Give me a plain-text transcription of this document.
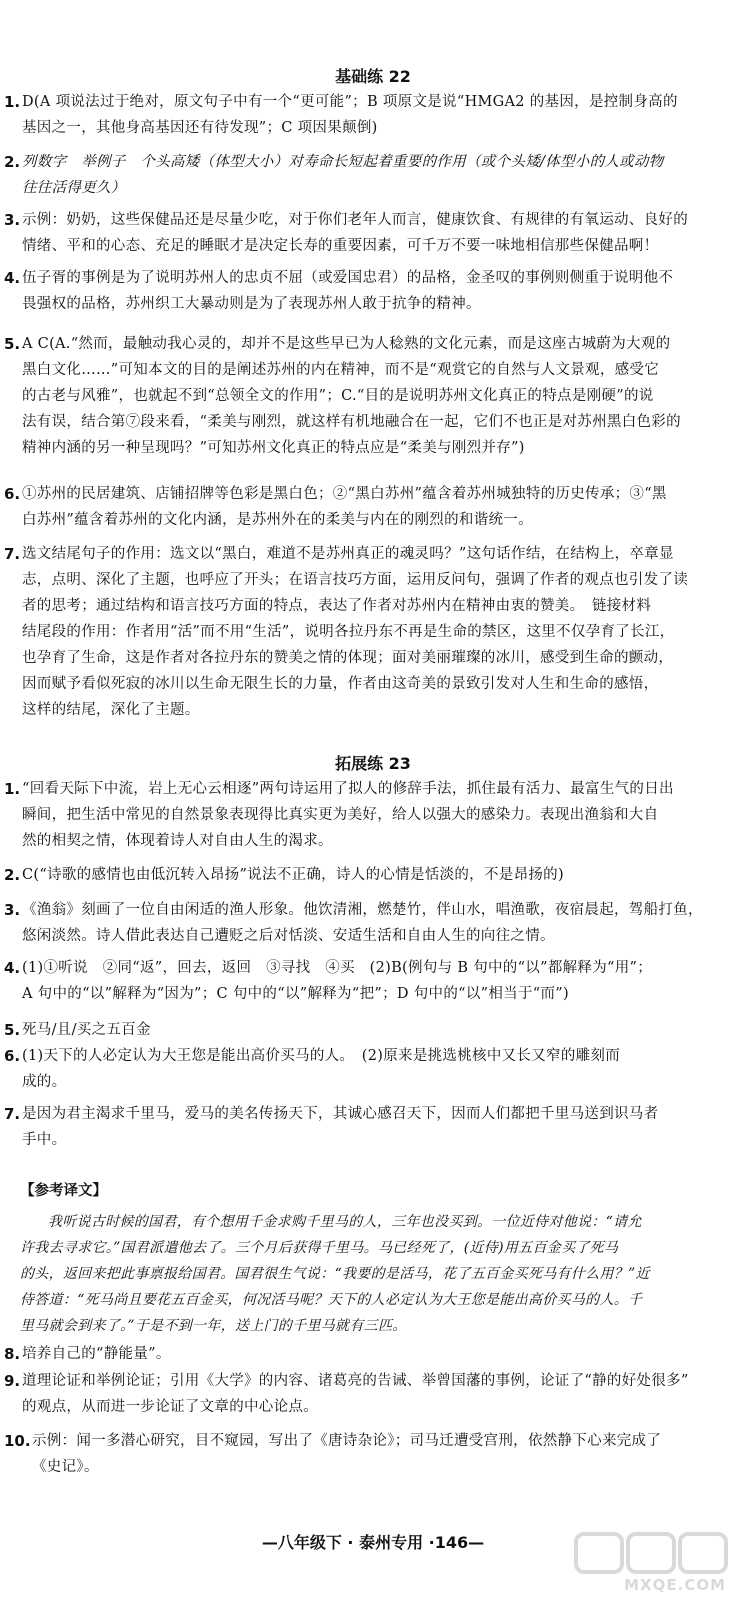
基础练 22
1. D(A 项说法过于绝对，原文句子中有一个“更可能”；B 项原文是说“HMGA2 的基因，是控制身高的
基因之一，其他身高基因还有待发现”；C 项因果颠倒)
2. 列数字　举例子　个头高矮（体型大小）对寿命长短起着重要的作用（或个头矮/体型小的人或动物
往往活得更久）
3. 示例：奶奶，这些保健品还是尽量少吃，对于你们老年人而言，健康饮食、有规律的有氧运动、良好的
情绪、平和的心态、充足的睡眠才是决定长寿的重要因素，可千万不要一味地相信那些保健品啊！
4. 伍子胥的事例是为了说明苏州人的忠贞不屈（或爱国忠君）的品格，金圣叹的事例则侧重于说明他不
畏强权的品格，苏州织工大暴动则是为了表现苏州人敢于抗争的精神。
5. A C(A.“然而，最触动我心灵的，却并不是这些早已为人稔熟的文化元素，而是这座古城蔚为大观的
黑白文化……”可知本文的目的是阐述苏州的内在精神，而不是“观赏它的自然与人文景观，感受它
的古老与风雅”，也就起不到“总领全文的作用”；C.“目的是说明苏州文化真正的特点是刚硬”的说
法有误，结合第⑦段来看，“柔美与刚烈，就这样有机地融合在一起，它们不也正是对苏州黑白色彩的
精神内涵的另一种呈现吗？”可知苏州文化真正的特点应是“柔美与刚烈并存”)
6. ①苏州的民居建筑、店铺招牌等色彩是黑白色；②“黑白苏州”蕴含着苏州城独特的历史传承；③“黑
白苏州”蕴含着苏州的文化内涵，是苏州外在的柔美与内在的刚烈的和谐统一。
7. 选文结尾句子的作用：选文以“黑白，难道不是苏州真正的魂灵吗？”这句话作结，在结构上，卒章显
志，点明、深化了主题，也呼应了开头；在语言技巧方面，运用反问句，强调了作者的观点也引发了读
者的思考；通过结构和语言技巧方面的特点，表达了作者对苏州内在精神由衷的赞美。　链接材料
结尾段的作用：作者用“活”而不用“生活”，说明各拉丹东不再是生命的禁区，这里不仅孕育了长江，
也孕育了生命，这是作者对各拉丹东的赞美之情的体现；面对美丽璀璨的冰川，感受到生命的颤动，
因而赋予看似死寂的冰川以生命无限生长的力量，作者由这奇美的景致引发对人生和生命的感悟，
这样的结尾，深化了主题。
拓展练 23
1. “回看天际下中流，岩上无心云相逐”两句诗运用了拟人的修辞手法，抓住最有活力、最富生气的日出
瞬间，把生活中常见的自然景象表现得比真实更为美好，给人以强大的感染力。表现出渔翁和大自
然的相契之情，体现着诗人对自由人生的渴求。
2. C(“诗歌的感情也由低沉转入昂扬”说法不正确，诗人的心情是恬淡的，不是昂扬的)
3. 《渔翁》刻画了一位自由闲适的渔人形象。他饮清湘，燃楚竹，伴山水，唱渔歌，夜宿晨起，驾船打鱼，
悠闲淡然。诗人借此表达自己遭贬之后对恬淡、安适生活和自由人生的向往之情。
4. (1)①听说　②同“返”，回去，返回　③寻找　④买　(2)B(例句与 B 句中的“以”都解释为“用”；
A 句中的“以”解释为“因为”；C 句中的“以”解释为“把”；D 句中的“以”相当于“而”)
5. 死马/且/买之五百金
6. (1)天下的人必定认为大王您是能出高价买马的人。　(2)原来是挑选桃核中又长又窄的雕刻而
成的。
7. 是因为君主渴求千里马，爱马的美名传扬天下，其诚心感召天下，因而人们都把千里马送到识马者
手中。
【参考译文】
我听说古时候的国君，有个想用千金求购千里马的人，三年也没买到。一位近侍对他说：“请允
许我去寻求它。”国君派遣他去了。三个月后获得千里马。马已经死了，(近侍)用五百金买了死马
的头，返回来把此事禀报给国君。国君很生气说：“我要的是活马，花了五百金买死马有什么用？”近
侍答道：“死马尚且要花五百金买，何况活马呢？天下的人必定认为大王您是能出高价买马的人。千
里马就会到来了。”于是不到一年，送上门的千里马就有三匹。
8. 培养自己的“静能量”。
9. 道理论证和举例论证；引用《大学》的内容、诸葛亮的告诫、举曾国藩的事例，论证了“静的好处很多”
的观点，从而进一步论证了文章的中心论点。
10. 示例：闻一多潜心研究，目不窥园，写出了《唐诗杂论》；司马迁遭受宫刑，依然静下心来完成了
《史记》。
—八年级下 · 泰州专用 ·146—
MXQE.COM
